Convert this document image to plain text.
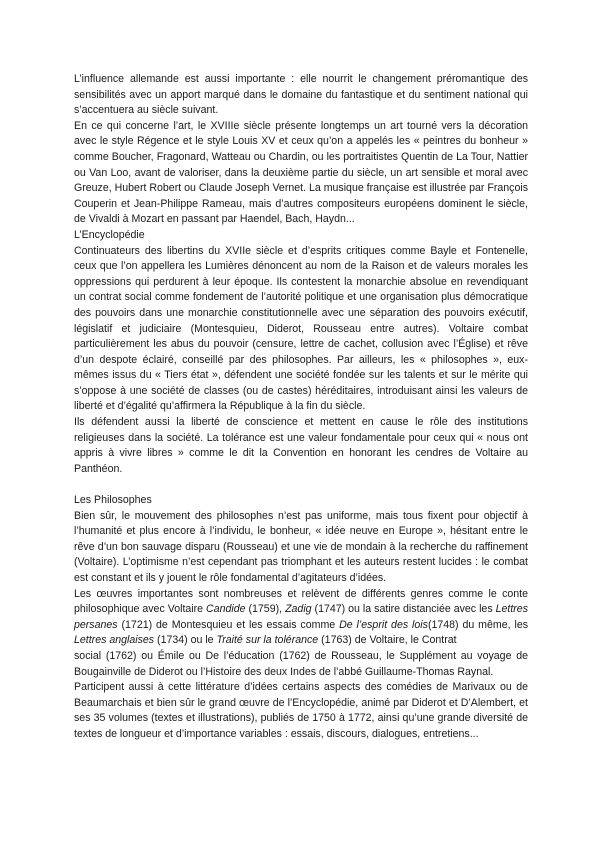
L’influence allemande est aussi importante : elle nourrit le changement préromantique des sensibilités avec un apport marqué dans le domaine du fantastique et du sentiment national qui s’accentuera au siècle suivant.

En ce qui concerne l’art, le XVIIIe siècle présente longtemps un art tourné vers la décoration avec le style Régence et le style Louis XV et ceux qu’on a appelés les « peintres du bonheur » comme Boucher, Fragonard, Watteau ou Chardin, ou les portraitistes Quentin de La Tour, Nattier ou Van Loo, avant de valoriser, dans la deuxième partie du siècle, un art sensible et moral avec Greuze, Hubert Robert ou Claude Joseph Vernet. La musique française est illustrée par François Couperin et Jean-Philippe Rameau, mais d’autres compositeurs européens dominent le siècle, de Vivaldi à Mozart en passant par Haendel, Bach, Haydn...

L’Encyclopédie

Continuateurs des libertins du XVIIe siècle et d’esprits critiques comme Bayle et Fontenelle, ceux que l’on appellera les Lumières dénoncent au nom de la Raison et de valeurs morales les oppressions qui perdurent à leur époque. Ils contestent la monarchie absolue en revendiquant un contrat social comme fondement de l’autorité politique et une organisation plus démocratique des pouvoirs dans une monarchie constitutionnelle avec une séparation des pouvoirs exécutif, législatif et judiciaire (Montesquieu, Diderot, Rousseau entre autres). Voltaire combat particulièrement les abus du pouvoir (censure, lettre de cachet, collusion avec l’Église) et rêve d’un despote éclairé, conseillé par des philosophes. Par ailleurs, les « philosophes », eux-mêmes issus du « Tiers état », défendent une société fondée sur les talents et sur le mérite qui s’oppose à une société de classes (ou de castes) héréditaires, introduisant ainsi les valeurs de liberté et d’égalité qu’affirmera la République à la fin du siècle.

Ils défendent aussi la liberté de conscience et mettent en cause le rôle des institutions religieuses dans la société. La tolérance est une valeur fondamentale pour ceux qui « nous ont appris à vivre libres » comme le dit la Convention en honorant les cendres de Voltaire au Panthéon.

Les Philosophes

Bien sûr, le mouvement des philosophes n’est pas uniforme, mais tous fixent pour objectif à l’humanité et plus encore à l’individu, le bonheur, « idée neuve en Europe », hésitant entre le rêve d’un bon sauvage disparu (Rousseau) et une vie de mondain à la recherche du raffinement (Voltaire). L’optimisme n’est cependant pas triomphant et les auteurs restent lucides : le combat est constant et ils y jouent le rôle fondamental d’agitateurs d’idées.

Les œuvres importantes sont nombreuses et relèvent de différents genres comme le conte philosophique avec Voltaire Candide (1759), Zadig (1747) ou la satire distanciée avec les Lettres persanes (1721) de Montesquieu et les essais comme De l’esprit des lois(1748) du même, les Lettres anglaises (1734) ou le Traité sur la tolérance (1763) de Voltaire, le Contrat

social (1762) ou Émile ou De l’éducation (1762) de Rousseau, le Supplément au voyage de Bougainville de Diderot ou l’Histoire des deux Indes de l’abbé Guillaume-Thomas Raynal.

Participent aussi à cette littérature d’idées certains aspects des comédies de Marivaux ou de Beaumarchais et bien sûr le grand œuvre de l’Encyclopédie, animé par Diderot et D’Alembert, et ses 35 volumes (textes et illustrations), publiés de 1750 à 1772, ainsi qu’une grande diversité de textes de longueur et d’importance variables : essais, discours, dialogues, entretiens...
